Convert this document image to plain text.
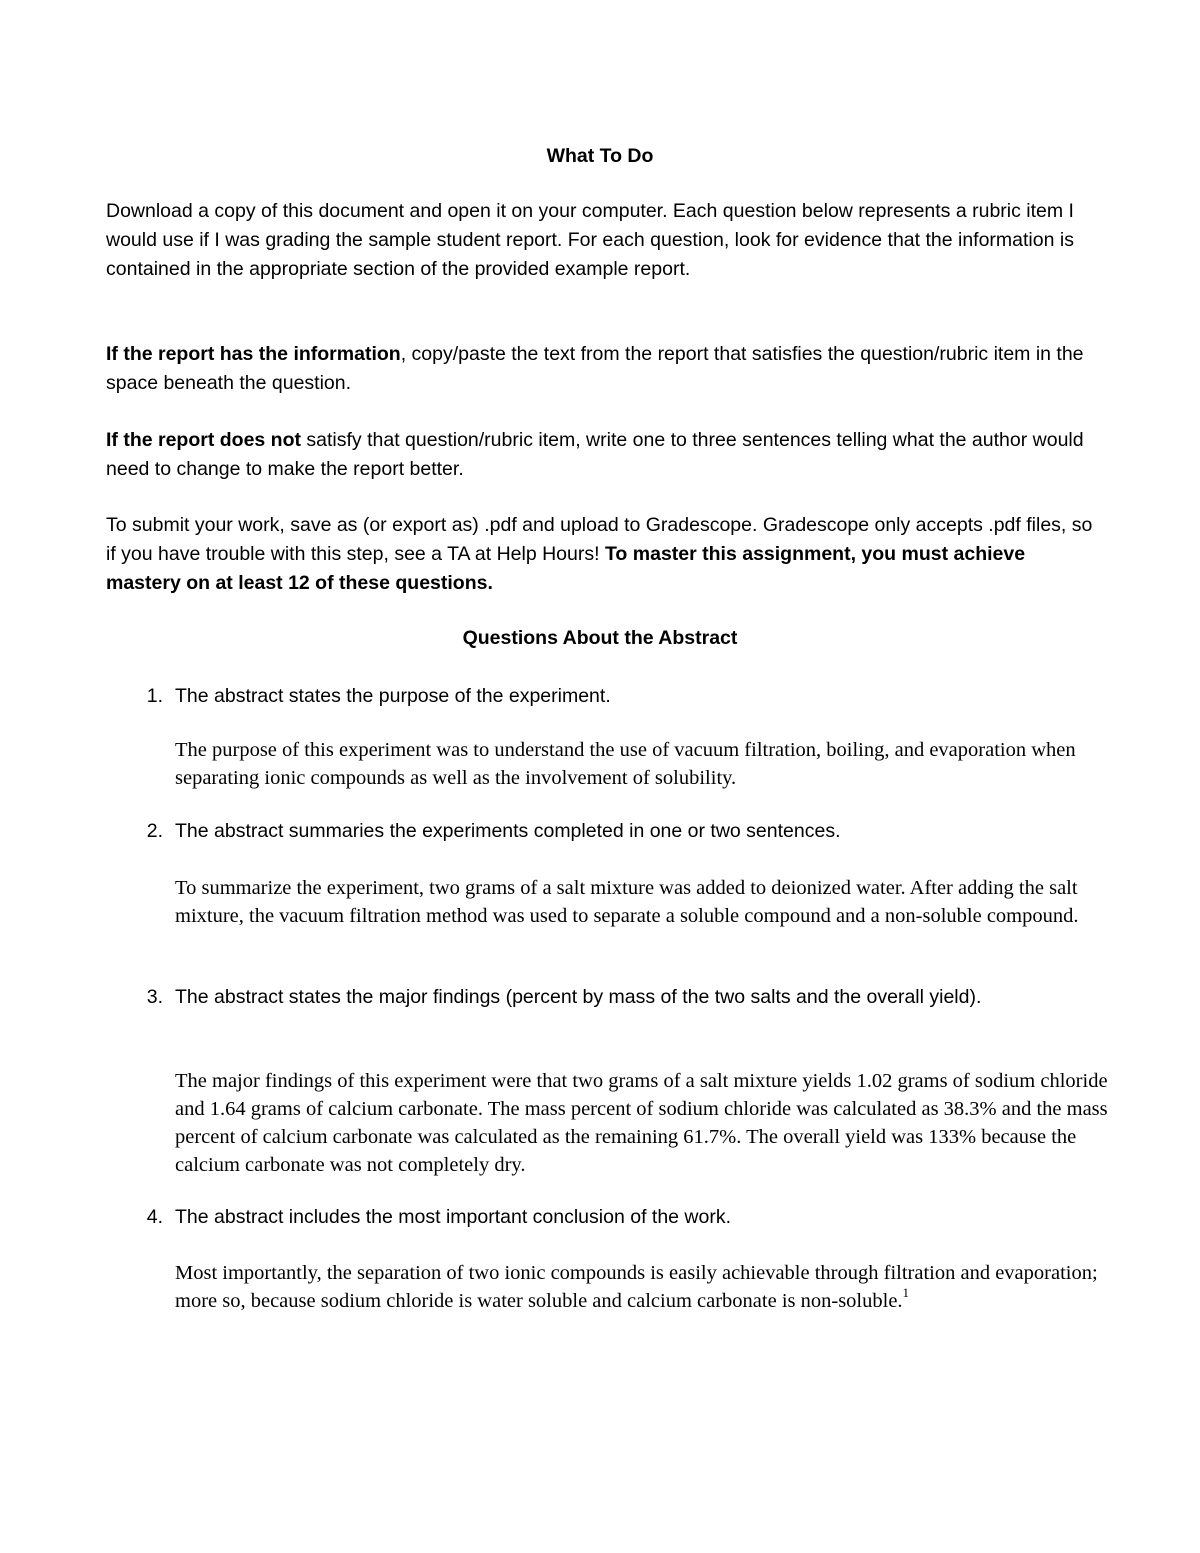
What To Do

Download a copy of this document and open it on your computer. Each question below represents a rubric item I would use if I was grading the sample student report. For each question, look for evidence that the information is contained in the appropriate section of the provided example report.

If the report has the information, copy/paste the text from the report that satisfies the question/rubric item in the space beneath the question.

If the report does not satisfy that question/rubric item, write one to three sentences telling what the author would need to change to make the report better.

To submit your work, save as (or export as) .pdf and upload to Gradescope. Gradescope only accepts .pdf files, so if you have trouble with this step, see a TA at Help Hours! To master this assignment, you must achieve mastery on at least 12 of these questions.

Questions About the Abstract
1. The abstract states the purpose of the experiment.

The purpose of this experiment was to understand the use of vacuum filtration, boiling, and evaporation when separating ionic compounds as well as the involvement of solubility.

2. The abstract summaries the experiments completed in one or two sentences.

To summarize the experiment, two grams of a salt mixture was added to deionized water. After adding the salt mixture, the vacuum filtration method was used to separate a soluble compound and a non-soluble compound.

3. The abstract states the major findings (percent by mass of the two salts and the overall yield).

The major findings of this experiment were that two grams of a salt mixture yields 1.02 grams of sodium chloride and 1.64 grams of calcium carbonate. The mass percent of sodium chloride was calculated as 38.3% and the mass percent of calcium carbonate was calculated as the remaining 61.7%. The overall yield was 133% because the calcium carbonate was not completely dry.

4. The abstract includes the most important conclusion of the work.

Most importantly, the separation of two ionic compounds is easily achievable through filtration and evaporation; more so, because sodium chloride is water soluble and calcium carbonate is non-soluble.$^1$
